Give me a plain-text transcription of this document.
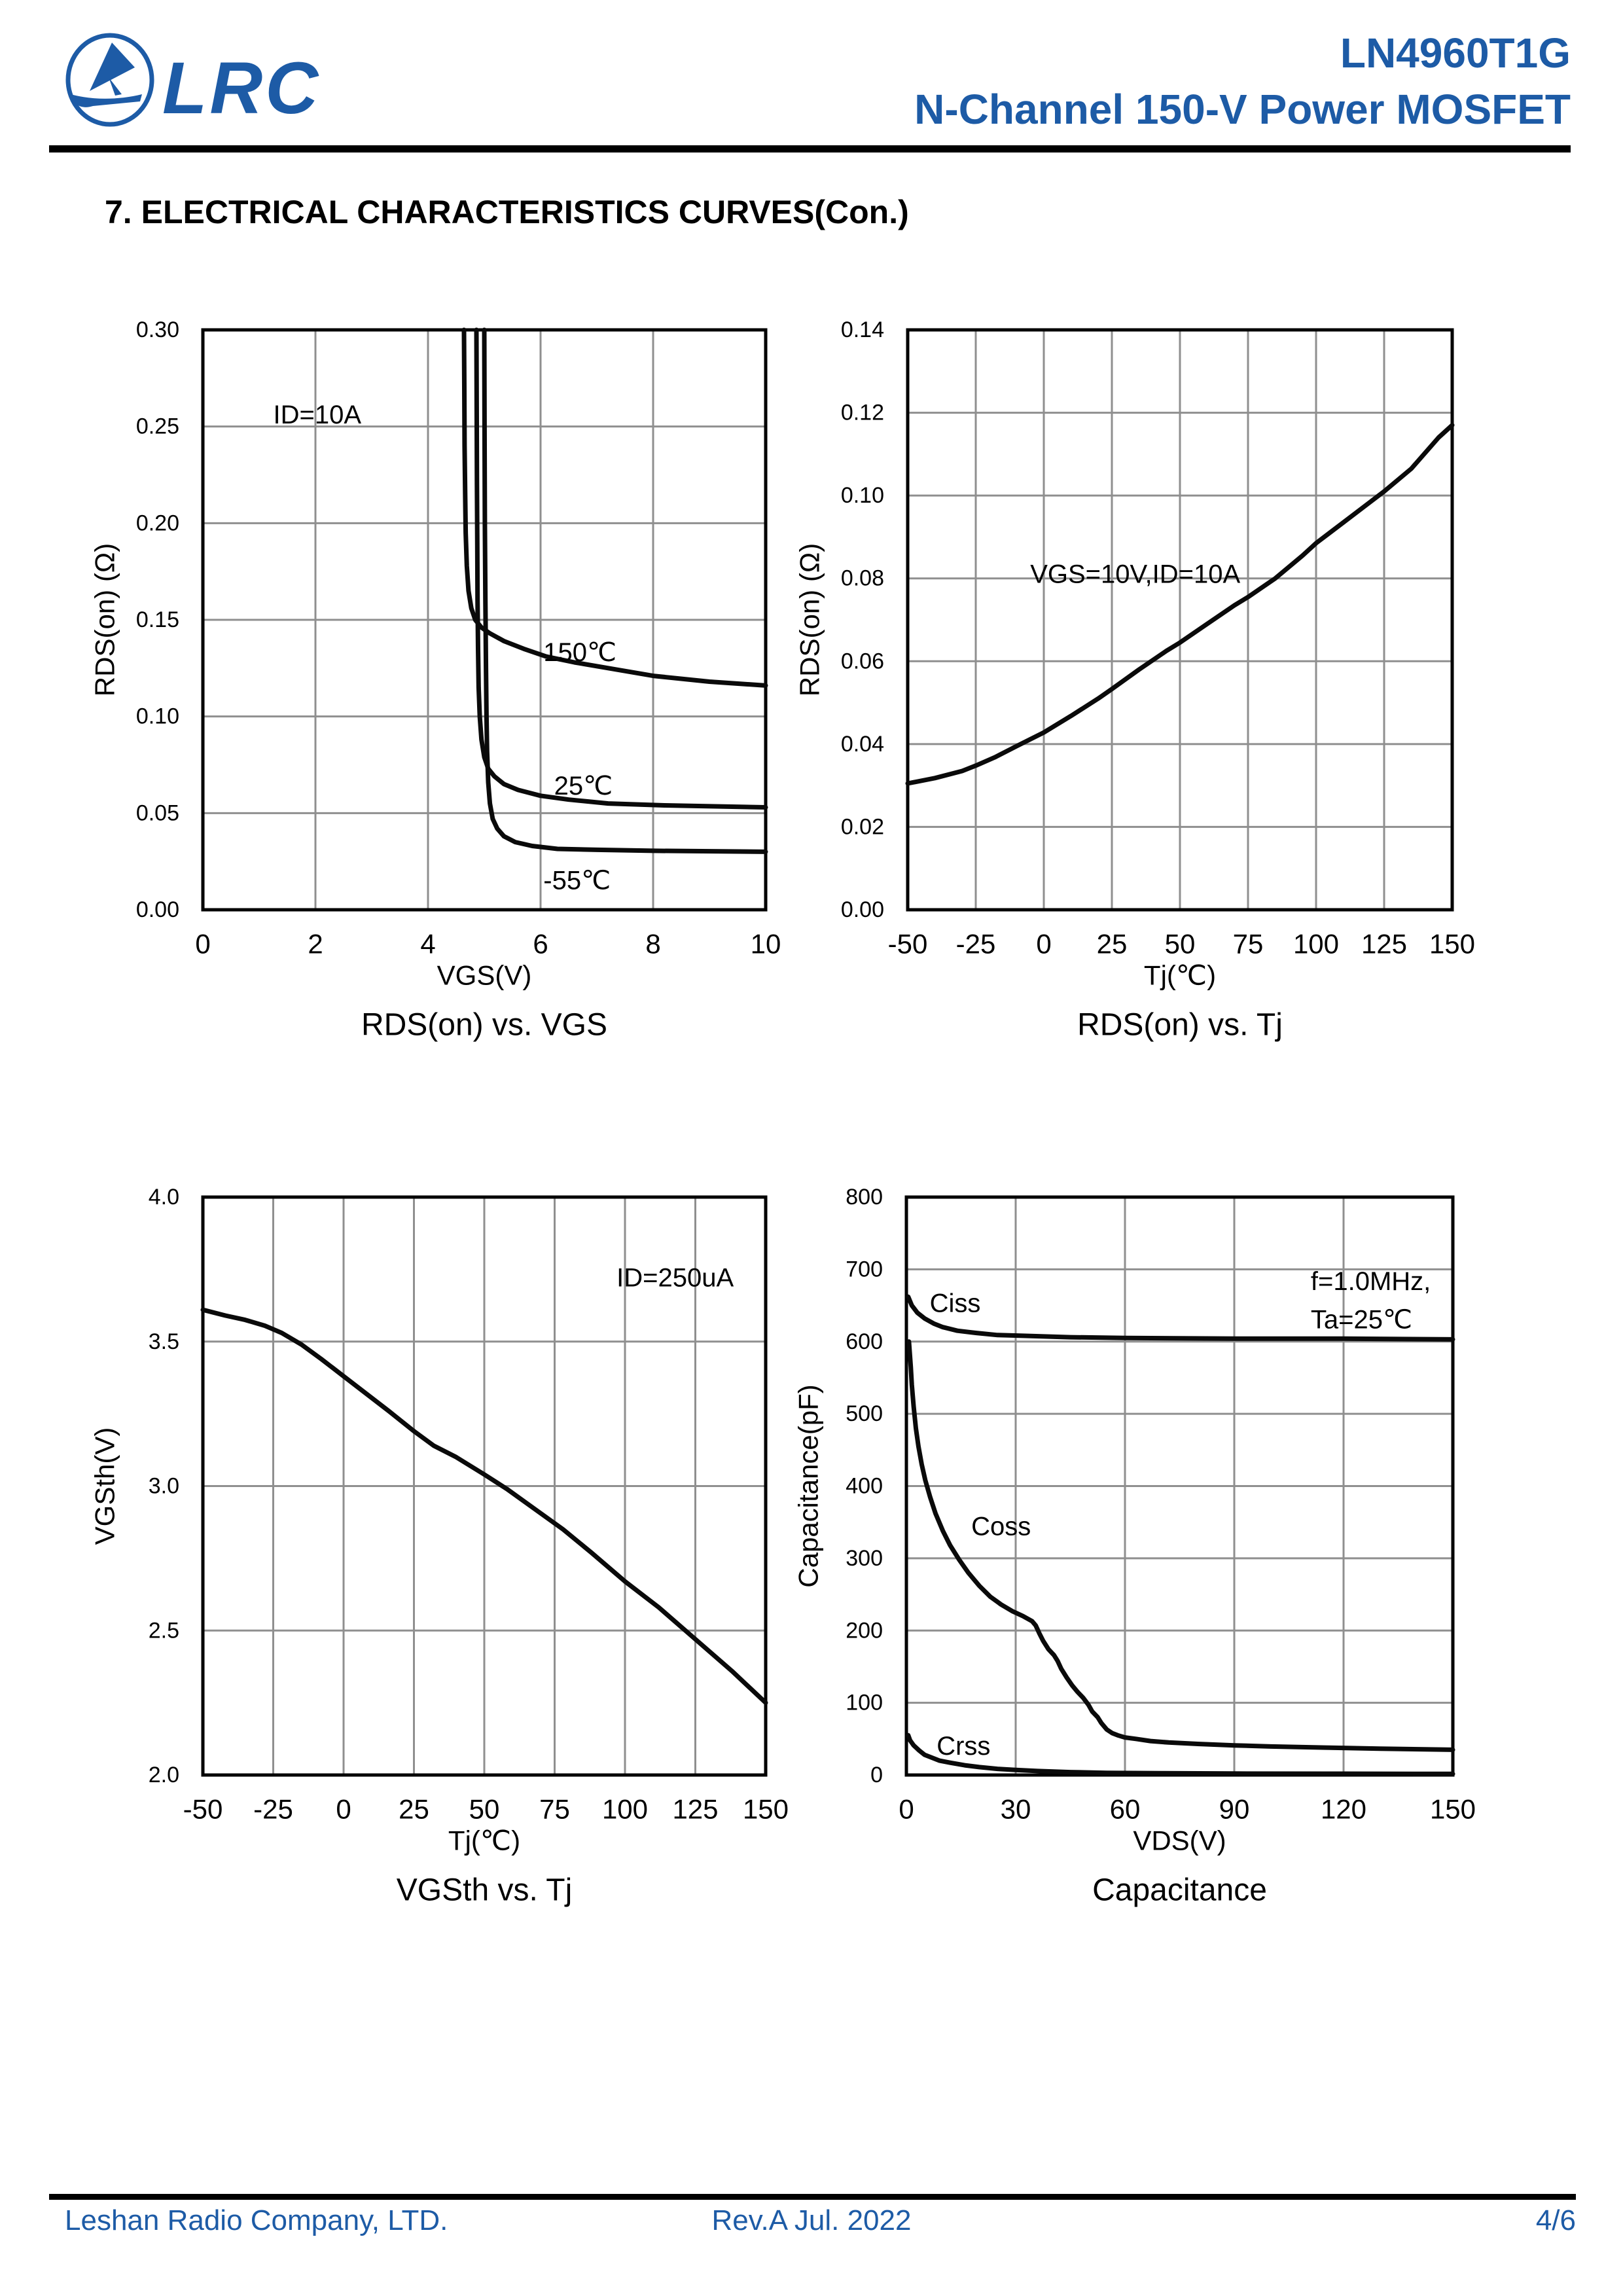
LRC	LN4960T1G
N-Channel 150-V Power MOSFET
7. ELECTRICAL CHARACTERISTICS CURVES(Con.)
150℃
25℃
-55℃
ID=10A
0	2	4	6	8	10
0.00
0.05
0.10
0.15
0.20
0.25
0.30
VGS(V)
RDS(on) (Ω)
RDS(on) vs. VGS
VGS=10V,ID=10A
-50 -25 0 25 50 75 100 125 150
0.00
0.02
0.04
0.06
0.08
0.10
0.12
0.14
Tj(℃)
RDS(on) (Ω)
RDS(on) vs. Tj
ID=250uA
-50 -25 0 25 50 75 100 125 150
2.0
2.5
3.0
3.5
4.0
Tj(℃)
VGSth(V)
VGSth vs. Tj
Ciss
Coss
Crss
f=1.0MHz,
Ta=25℃
0	30	60	90	120 150
0
100
200
300
400
500
600
700
800
VDS(V)
Capacitance(pF)
Capacitance
Leshan Radio Company, LTD.	Rev.A Jul. 2022	4/6
